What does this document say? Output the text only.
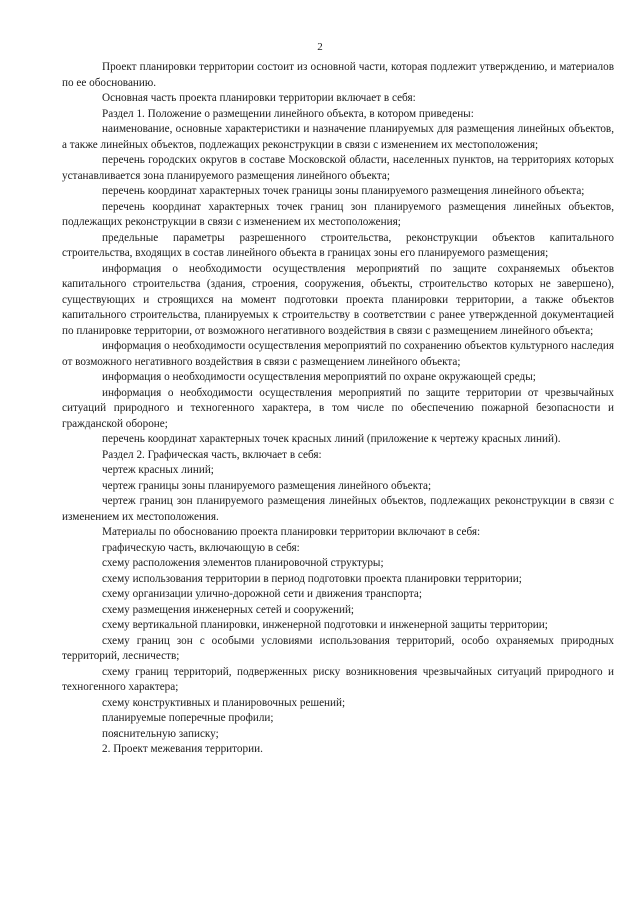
2

Проект планировки территории состоит из основной части, которая подлежит утверждению, и материалов по ее обоснованию.

Основная часть проекта планировки территории включает в себя:

Раздел 1. Положение о размещении линейного объекта, в котором приведены:

наименование, основные характеристики и назначение планируемых для размещения линейных объектов, а также линейных объектов, подлежащих реконструкции в связи с изменением их местоположения;

перечень городских округов в составе Московской области, населенных пунктов, на территориях которых устанавливается зона планируемого размещения линейного объекта;

перечень координат характерных точек границы зоны планируемого размещения линейного объекта;

перечень координат характерных точек границ зон планируемого размещения линейных объектов, подлежащих реконструкции в связи с изменением их местоположения;

предельные параметры разрешенного строительства, реконструкции объектов капитального строительства, входящих в состав линейного объекта в границах зоны его планируемого размещения;

информация о необходимости осуществления мероприятий по защите сохраняемых объектов капитального строительства (здания, строения, сооружения, объекты, строительство которых не завершено), существующих и строящихся на момент подготовки проекта планировки территории, а также объектов капитального строительства, планируемых к строительству в соответствии с ранее утвержденной документацией по планировке территории, от возможного негативного воздействия в связи с размещением линейного объекта;

информация о необходимости осуществления мероприятий по сохранению объектов культурного наследия от возможного негативного воздействия в связи с размещением линейного объекта;

информация о необходимости осуществления мероприятий по охране окружающей среды;

информация о необходимости осуществления мероприятий по защите территории от чрезвычайных ситуаций природного и техногенного характера, в том числе по обеспечению пожарной безопасности и гражданской обороне;

перечень координат характерных точек красных линий (приложение к чертежу красных линий).

Раздел 2. Графическая часть, включает в себя:

чертеж красных линий;

чертеж границы зоны планируемого размещения линейного объекта;

чертеж границ зон планируемого размещения линейных объектов, подлежащих реконструкции в связи с изменением их местоположения.

Материалы по обоснованию проекта планировки территории включают в себя:

графическую часть, включающую в себя:

схему расположения элементов планировочной структуры;

схему использования территории в период подготовки проекта планировки территории;

схему организации улично-дорожной сети и движения транспорта;

схему размещения инженерных сетей и сооружений;

схему вертикальной планировки, инженерной подготовки и инженерной защиты территории;

схему границ зон с особыми условиями использования территорий, особо охраняемых природных территорий, лесничеств;

схему границ территорий, подверженных риску возникновения чрезвычайных ситуаций природного и техногенного характера;

схему конструктивных и планировочных решений;

планируемые поперечные профили;

пояснительную записку;

2. Проект межевания территории.
